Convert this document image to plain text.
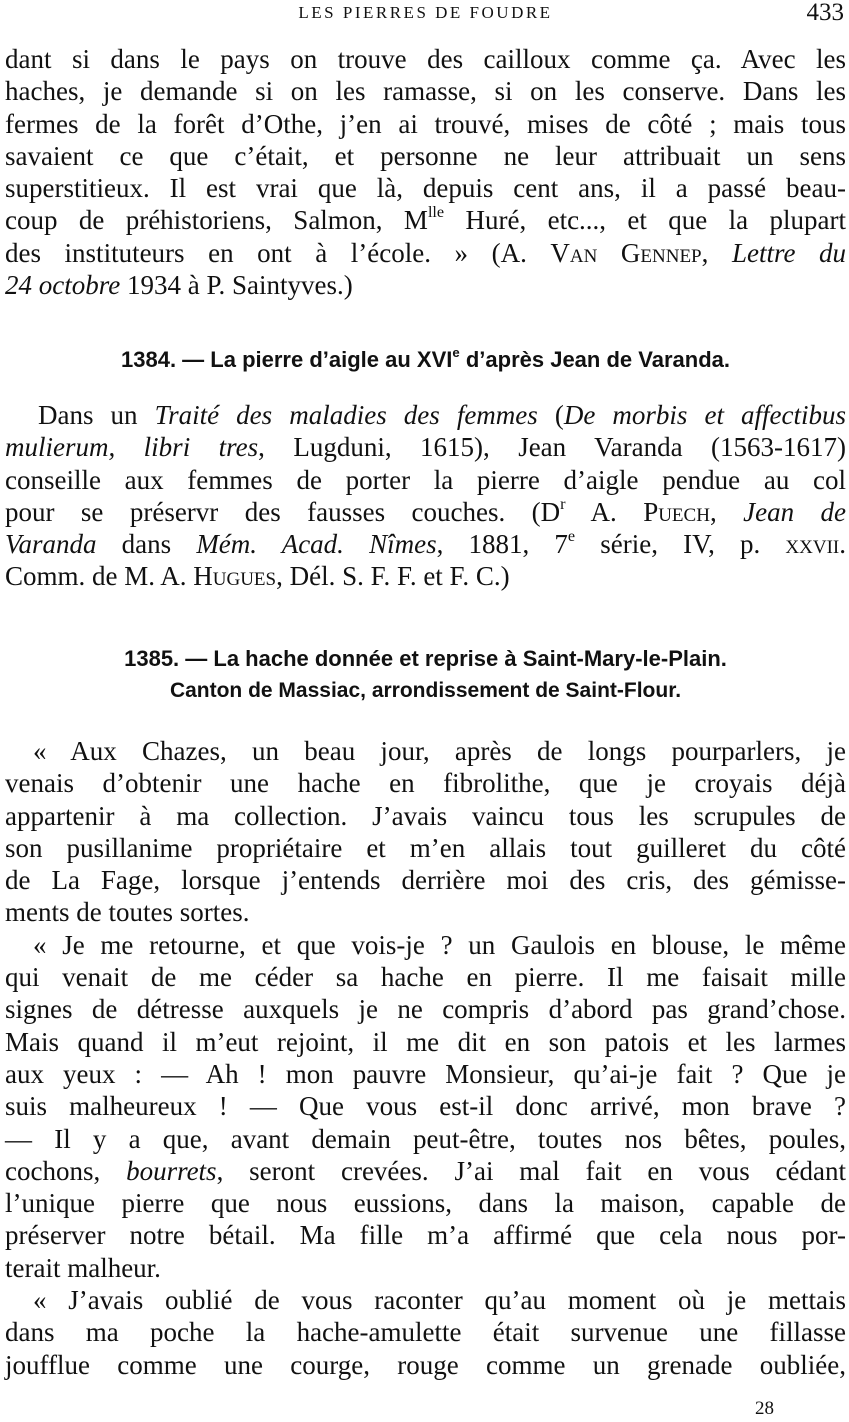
LES PIERRES DE FOUDRE	433
dant si dans le pays on trouve des cailloux comme ça. Avec les
haches, je demande si on les ramasse, si on les conserve. Dans les
fermes de la forêt d’Othe, j’en ai trouvé, mises de côté ; mais tous
savaient ce que c’était, et personne ne leur attribuait un sens
superstitieux. Il est vrai que là, depuis cent ans, il a passé beau-
coup de préhistoriens, Salmon, $M^{lle}$ Huré, etc..., et que la plupart
des instituteurs en ont à l’école. » (A. Van Gennep, Lettre du
24 octobre 1934 à P. Saintyves.)
1384. — La pierre d’aigle au XVIe d’après Jean de Varanda.
Dans un Traité des maladies des femmes (De morbis et affectibus
mulierum, libri tres, Lugduni, 1615), Jean Varanda (1563-1617)
conseille aux femmes de porter la pierre d’aigle pendue au col
pour se préservr des fausses couches. ($D^r$ A. Puech, Jean de
Varanda dans Mém. Acad. Nîmes, 1881, 7e série, IV, p. xxvii.
Comm. de M. A. Hugues, Dél. S. F. F. et F. C.)
1385. — La hache donnée et reprise à Saint-Mary-le-Plain.
Canton de Massiac, arrondissement de Saint-Flour.
« Aux Chazes, un beau jour, après de longs pourparlers, je
venais d’obtenir une hache en fibrolithe, que je croyais déjà
appartenir à ma collection. J’avais vaincu tous les scrupules de
son pusillanime propriétaire et m’en allais tout guilleret du côté
de La Fage, lorsque j’entends derrière moi des cris, des gémisse-
ments de toutes sortes.
« Je me retourne, et que vois-je ? un Gaulois en blouse, le même
qui venait de me céder sa hache en pierre. Il me faisait mille
signes de détresse auxquels je ne compris d’abord pas grand’chose.
Mais quand il m’eut rejoint, il me dit en son patois et les larmes
aux yeux : — Ah ! mon pauvre Monsieur, qu’ai-je fait ? Que je
suis malheureux ! — Que vous est-il donc arrivé, mon brave ?
— Il y a que, avant demain peut-être, toutes nos bêtes, poules,
cochons, bourrets, seront crevées. J’ai mal fait en vous cédant
l’unique pierre que nous eussions, dans la maison, capable de
préserver notre bétail. Ma fille m’a affirmé que cela nous por-
terait malheur.
« J’avais oublié de vous raconter qu’au moment où je mettais
dans ma poche la hache-amulette était survenue une fillasse
joufflue comme une courge, rouge comme un grenade oubliée,
28
